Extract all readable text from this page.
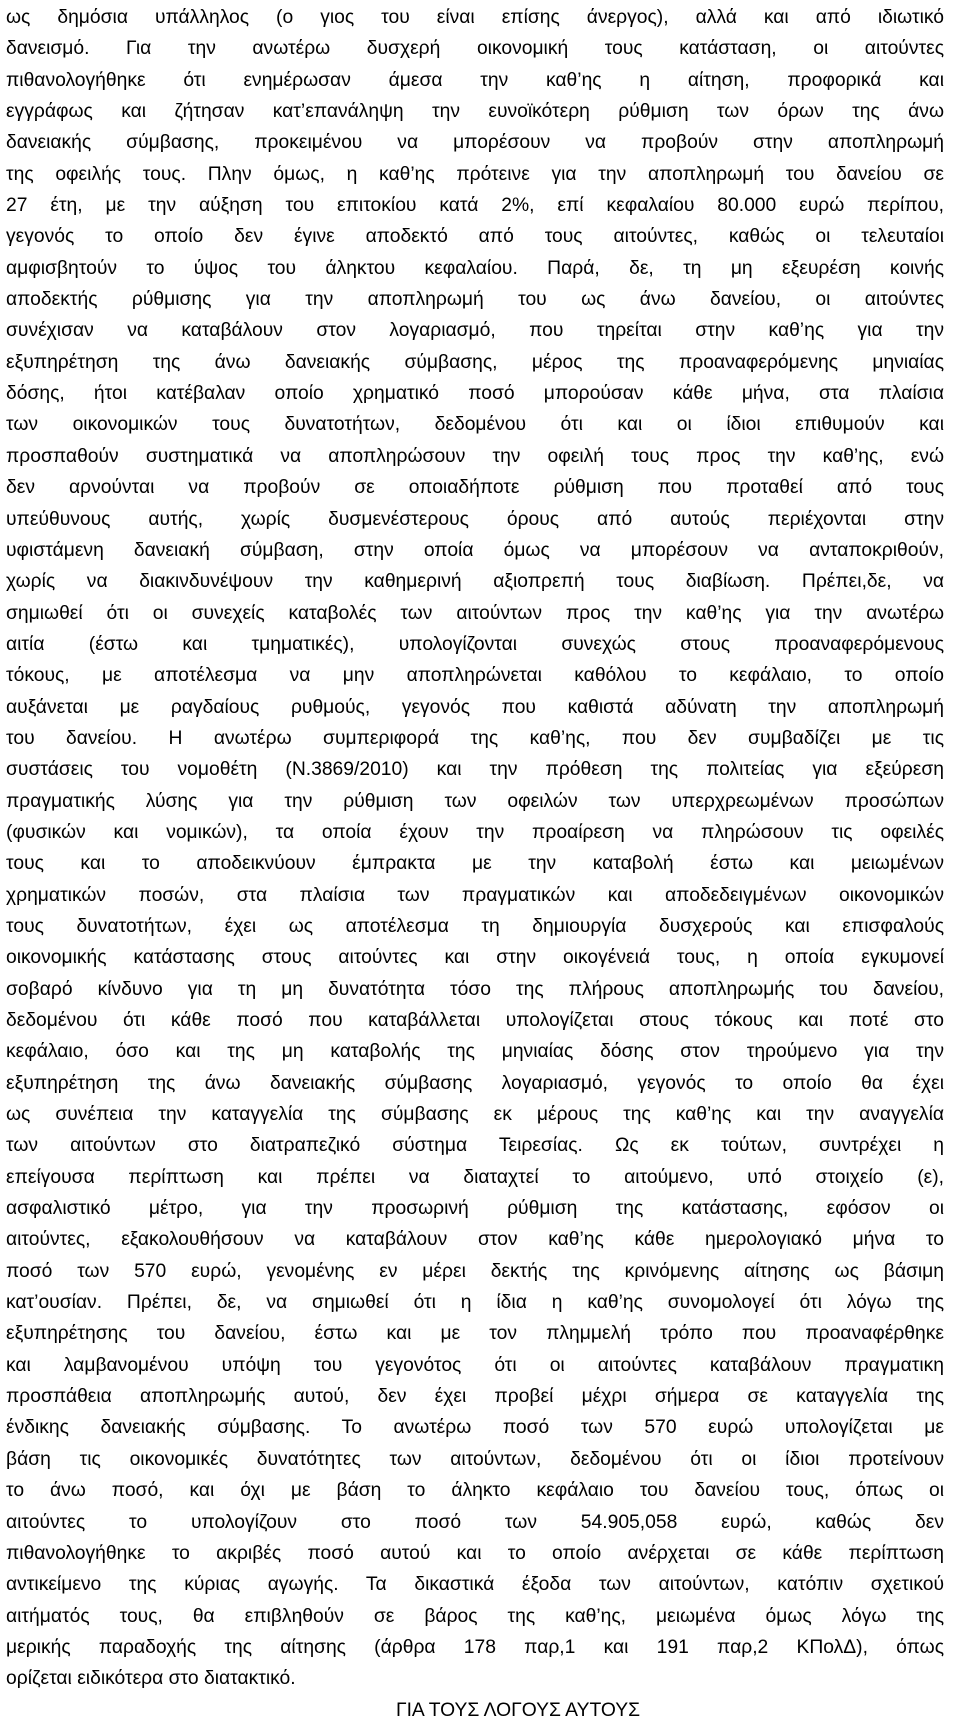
ως δημόσια υπάλληλος (ο γιος του είναι επίσης άνεργος), αλλά και από ιδιωτικό
δανεισμό. Για την ανωτέρω δυσχερή οικονομική τους κατάσταση, οι αιτούντες
πιθανολογήθηκε ότι ενημέρωσαν άμεσα την καθ’ης η αίτηση, προφορικά και
εγγράφως και ζήτησαν κατ’επανάληψη την ευνοϊκότερη ρύθμιση των όρων της άνω
δανειακής σύμβασης, προκειμένου να μπορέσουν να προβούν στην αποπληρωμή
της οφειλής τους. Πλην όμως, η καθ’ης πρότεινε για την αποπληρωμή του δανείου σε
27 έτη, με την αύξηση του επιτοκίου κατά 2%, επί κεφαλαίου 80.000 ευρώ περίπου,
γεγονός το οποίο δεν έγινε αποδεκτό από τους αιτούντες, καθώς οι τελευταίοι
αμφισβητούν το ύψος του άληκτου κεφαλαίου. Παρά, δε, τη μη εξευρέση κοινής
αποδεκτής ρύθμισης για την αποπληρωμή του ως άνω δανείου, οι αιτούντες
συνέχισαν να καταβάλουν στον λογαριασμό, που τηρείται στην καθ’ης για την
εξυπηρέτηση της άνω δανειακής σύμβασης, μέρος της προαναφερόμενης μηνιαίας
δόσης, ήτοι κατέβαλαν οποίο χρηματικό ποσό μπορούσαν κάθε μήνα, στα πλαίσια
των οικονομικών τους δυνατοτήτων, δεδομένου ότι και οι ίδιοι επιθυμούν και
προσπαθούν συστηματικά να αποπληρώσουν την οφειλή τους προς την καθ’ης, ενώ
δεν αρνούνται να προβούν σε οποιαδήποτε ρύθμιση που προταθεί από τους
υπεύθυνους αυτής, χωρίς δυσμενέστερους όρους από αυτούς περιέχονται στην
υφιστάμενη δανειακή σύμβαση, στην οποία όμως να μπορέσουν να ανταποκριθούν,
χωρίς να διακινδυνέψουν την καθημερινή αξιοπρεπή τους διαβίωση. Πρέπει,δε, να
σημιωθεί ότι οι συνεχείς καταβολές των αιτούντων προς την καθ’ης για την ανωτέρω
αιτία (έστω και τμηματικές), υπολογίζονται συνεχώς στους προαναφερόμενους
τόκους, με αποτέλεσμα να μην αποπληρώνεται καθόλου το κεφάλαιο, το οποίο
αυξάνεται με ραγδαίους ρυθμούς, γεγονός που καθιστά αδύνατη την αποπληρωμή
του δανείου. Η ανωτέρω συμπεριφορά της καθ’ης, που δεν συμβαδίζει με τις
συστάσεις του νομοθέτη (Ν.3869/2010) και την πρόθεση της πολιτείας για εξεύρεση
πραγματικής λύσης για την ρύθμιση των οφειλών των υπερχρεωμένων προσώπων
(φυσικών και νομικών), τα οποία έχουν την προαίρεση να πληρώσουν τις οφειλές
τους και το αποδεικνύουν έμπρακτα με την καταβολή έστω και μειωμένων
χρηματικών ποσών, στα πλαίσια των πραγματικών και αποδεδειγμένων οικονομικών
τους δυνατοτήτων, έχει ως αποτέλεσμα τη δημιουργία δυσχερούς και επισφαλούς
οικονομικής κατάστασης στους αιτούντες και στην οικογένειά τους, η οποία εγκυμονεί
σοβαρό κίνδυνο για τη μη δυνατότητα τόσο της πλήρους αποπληρωμής του δανείου,
δεδομένου ότι κάθε ποσό που καταβάλλεται υπολογίζεται στους τόκους και ποτέ στο
κεφάλαιο, όσο και της μη καταβολής της μηνιαίας δόσης στον τηρούμενο για την
εξυπηρέτηση της άνω δανειακής σύμβασης λογαριασμό, γεγονός το οποίο θα έχει
ως συνέπεια την καταγγελία της σύμβασης εκ μέρους της καθ’ης και την αναγγελία
των αιτούντων στο διατραπεζικό σύστημα Τειρεσίας. Ως εκ τούτων, συντρέχει η
επείγουσα περίπτωση και πρέπει να διαταχτεί το αιτούμενο, υπό στοιχείο (ε),
ασφαλιστικό μέτρο, για την προσωρινή ρύθμιση της κατάστασης, εφόσον οι
αιτούντες, εξακολουθήσουν να καταβάλουν στον καθ’ης κάθε ημερολογιακό μήνα το
ποσό των 570 ευρώ, γενομένης εν μέρει δεκτής της κρινόμενης αίτησης ως βάσιμη
κατ’ουσίαν. Πρέπει, δε, να σημιωθεί ότι η ίδια η καθ’ης συνομολογεί ότι λόγω της
εξυπηρέτησης του δανείου, έστω και με τον πλημμελή τρόπο που προαναφέρθηκε
και λαμβανομένου υπόψη του γεγονότος ότι οι αιτούντες καταβάλουν πραγματικη
προσπάθεια αποπληρωμής αυτού, δεν έχει προβεί μέχρι σήμερα σε καταγγελία της
ένδικης δανειακής σύμβασης. Το ανωτέρω ποσό των 570 ευρώ υπολογίζεται με
βάση τις οικονομικές δυνατότητες των αιτούντων, δεδομένου ότι οι ίδιοι προτείνουν
το άνω ποσό, και όχι με βάση το άληκτο κεφάλαιο του δανείου τους, όπως οι
αιτούντες το υπολογίζουν στο ποσό των 54.905,058 ευρώ, καθώς δεν
πιθανολογήθηκε το ακριβές ποσό αυτού και το οποίο ανέρχεται σε κάθε περίπτωση
αντικείμενο της κύριας αγωγής. Τα δικαστικά έξοδα των αιτούντων, κατόπιν σχετικού
αιτήματός τους, θα επιβληθούν σε βάρος της καθ’ης, μειωμένα όμως λόγω της
μερικής παραδοχής της αίτησης (άρθρα 178 παρ,1 και 191 παρ,2 ΚΠολΔ), όπως
ορίζεται ειδικότερα στο διατακτικό.
ΓΙΑ ΤΟΥΣ ΛΟΓΟΥΣ ΑΥΤΟΥΣ
